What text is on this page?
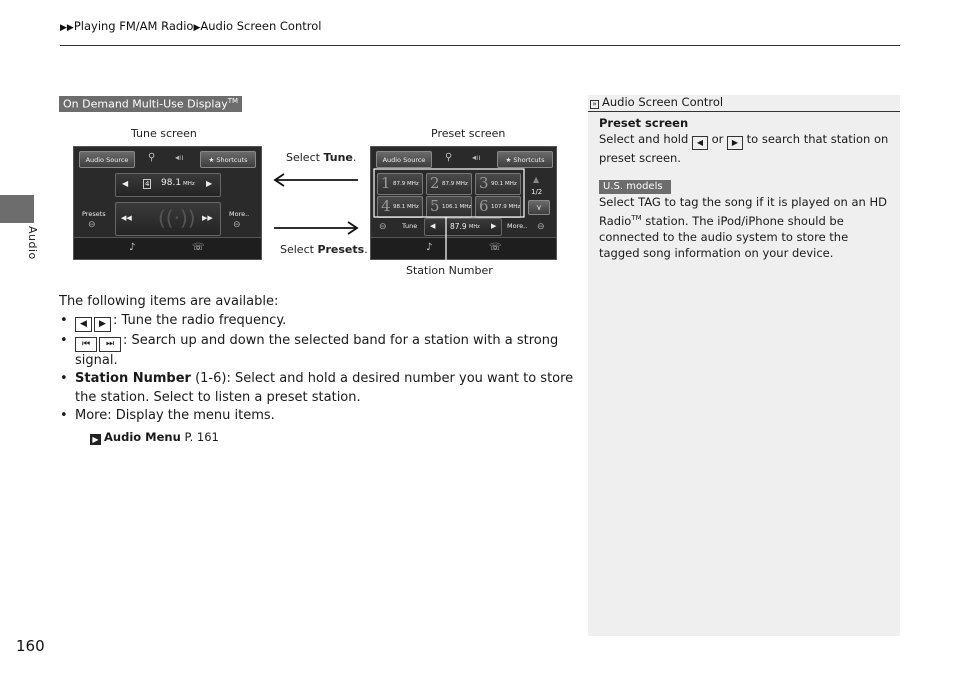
▶▶Playing FM/AM Radio▶Audio Screen Control
Audio
On Demand Multi-Use Display™
Tune screen	Preset screen
Audio Source	⚲ ◂ıı	★ Shortcuts
◀ 4 98.1 MHz ▶
Presets
⊖
◀◀ ((·)) ▶▶ More..
⊖
♪	☏
Select Tune.
Select Presets.
Audio Source	⚲ ◂ıı	★ Shortcuts
1 87.9 MHz 2 87.9 MHz 3 90.1 MHz
4 98.1 MHz 5 106.1 MHz 6 107.9 MHz
▲
1/2
⋎
⊖ Tune ◀ 87.9 MHz ▶ More.. ⊖
♪	☏
Station Number
The following items are available:
• ◀ ▶ : Tune the radio frequency.
• ⏮ ⏭ : Search up and down the selected band for a station with a strong signal.
• Station Number (1-6): Select and hold a desired number you want to store the station. Select to listen a preset station.
• More: Display the menu items.
▶ Audio Menu P. 161
» Audio Screen Control
Preset screen
Select and hold ◀ or ▶ to search that station on preset screen.
U.S. models
Select TAG to tag the song if it is played on an HD Radio™ station. The iPod/iPhone should be connected to the audio system to store the tagged song information on your device.
160
